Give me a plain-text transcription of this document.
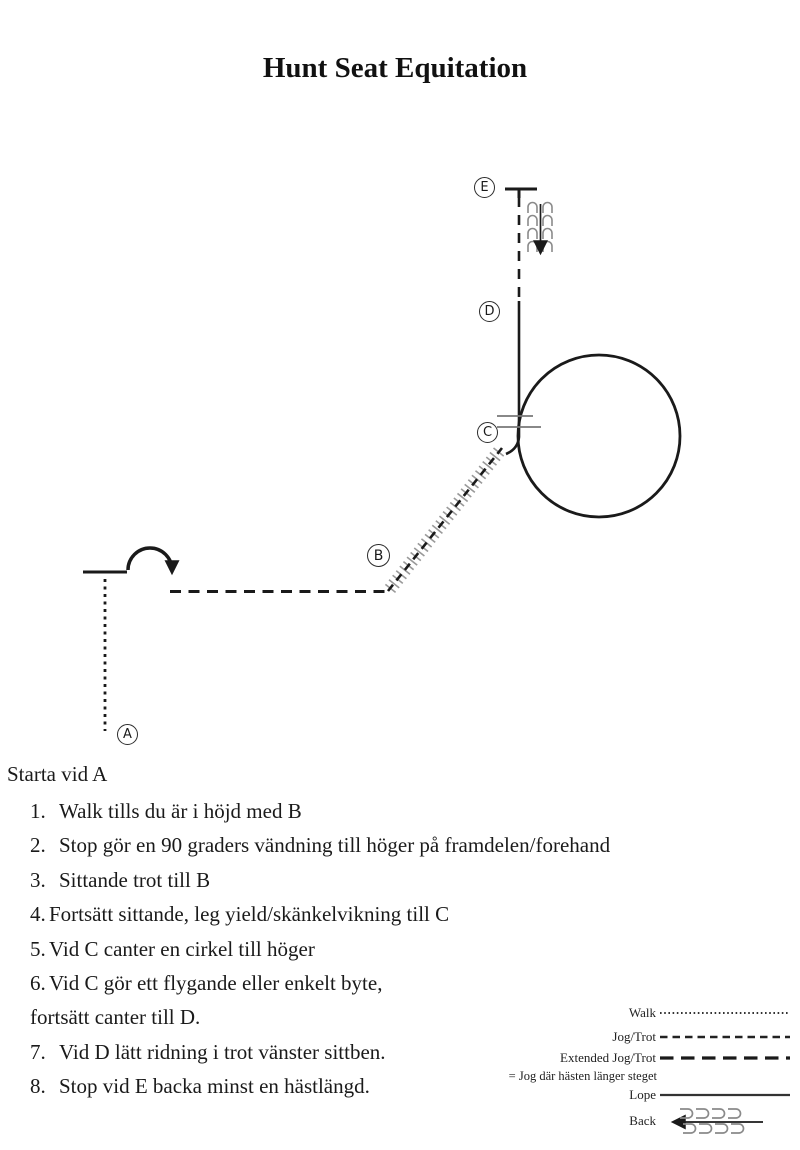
Hunt Seat Equitation
A
B
C
D
E
Starta vid A
1. Walk tills du är i höjd med B
2. Stop gör en 90 graders vändning till höger på framdelen/forehand
3. Sittande trot till B
4. Fortsätt sittande, leg yield/skänkelvikning till C
5. Vid C canter en cirkel till höger
6. Vid C gör ett flygande eller enkelt byte,
fortsätt canter till D.
7. Vid D lätt ridning i trot vänster sittben.
8. Stop vid E backa minst en hästlängd.
Walk
Jog/Trot
Extended Jog/Trot
= Jog där hästen länger steget
Lope
Back
